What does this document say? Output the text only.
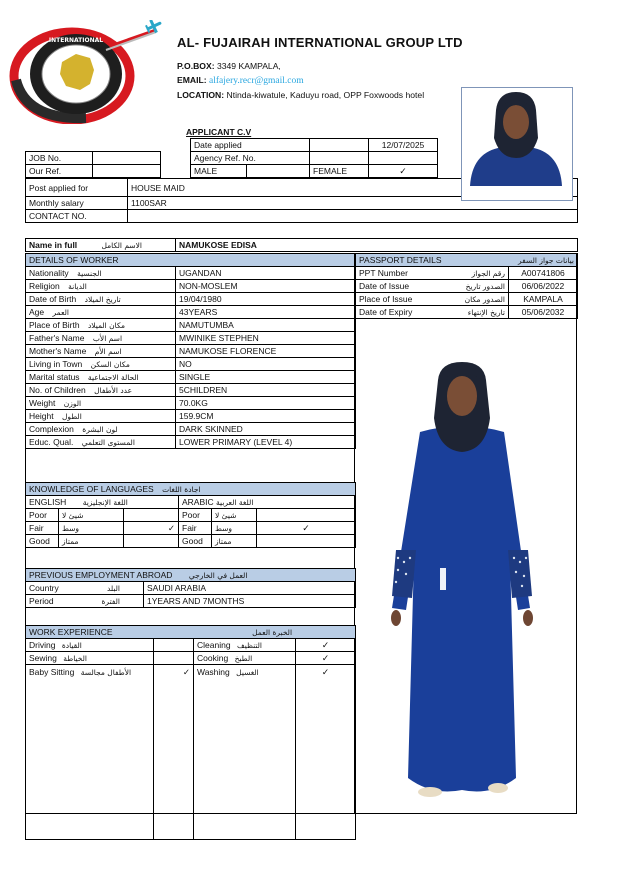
INTERNATIONAL	AL- FUJAIRAH INTERNATIONAL GROUP LTD
P.O.BOX: 3349 KAMPALA,
EMAIL: alfajery.recr@gmail.com
LOCATION: Ntinda-kiwatule, Kaduyu road, OPP Foxwoods hotel
APPLICANT C.V
JOB No.	
Our Ref.	
Date applied			12/07/2025
Agency Ref. No.			
MALE		FEMALE	✓
Post applied for	HOUSE MAID
Monthly salary	1100SAR
CONTACT NO.	
Name in full	الاسم الكامل	NAMUKOSE EDISA
DETAILS OF WORKER	
Nationality الجنسية	UGANDAN
Religion الديانة	NON-MOSLEM
Date of Birth تاريخ الميلاد	19/04/1980
Age العمر	43YEARS
Place of Birth مكان الميلاد	NAMUTUMBA
Father's Name اسم الأب	MWINIKE STEPHEN
Mother's Name اسم الأم	NAMUKOSE FLORENCE
Living in Town مكان السكن	NO
Marital status الحالة الاجتماعية	SINGLE
No. of Children عدد الأطفال	5CHILDREN
Weight الوزن	70.0KG
Height الطول	159.9CM
Complexion لون البشرة	DARK SKINNED
Educ. Qual. المستوى التعلمي	LOWER PRIMARY (LEVEL 4)
PASSPORT DETAILS بيانات جواز السفر	

PPT Number رقم الجواز	A00741806

Date of Issue الصدور تاريخ	06/06/2022

Place of Issue الصدور مكان	KAMPALA

Date of Expiry تاريخ الإنتهاء	05/06/2032
KNOWLEDGE OF LANGUAGES اجادة اللغات					
ENGLISH اللغة الإنجليزية			ARABIC اللغة العربية		
Poor	شيئ لا		Poor	شيئ لا	
Fair	وسط	✓	Fair	وسط	✓
Good	ممتاز		Good	ممتاز	
PREVIOUS EMPLOYMENT ABROAD العمل في الخارجي	

Country البلد	SAUDI ARABIA

Period الفترة	1YEARS AND 7MONTHS
WORK EXPERIENCE الخبرة العمل			

Driving القيادة		Cleaning التنظيف	✓
Sewing الخياطة		Cooking الطبخ	✓
Baby Sitting الأطفال مجالسة	✓	Washing الغسيل	✓
